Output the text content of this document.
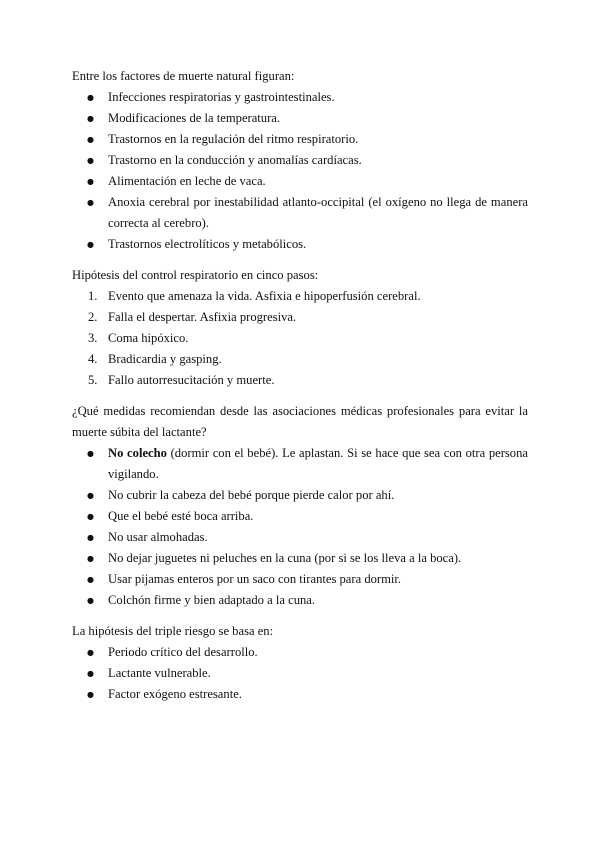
Entre los factores de muerte natural figuran:

● Infecciones respiratorias y gastrointestinales.
● Modificaciones de la temperatura.
● Trastornos en la regulación del ritmo respiratorio.
● Trastorno en la conducción y anomalías cardíacas.
● Alimentación en leche de vaca.
● Anoxia cerebral por inestabilidad atlanto-occipital (el oxígeno no llega de manera correcta al cerebro).
● Trastornos electrolíticos y metabólicos.

Hipótesis del control respiratorio en cinco pasos:

1. Evento que amenaza la vida. Asfixia e hipoperfusión cerebral.
2. Falla el despertar. Asfixia progresiva.
3. Coma hipóxico.
4. Bradicardia y gasping.
5. Fallo autorresucitación y muerte.

¿Qué medidas recomiendan desde las asociaciones médicas profesionales para evitar la muerte súbita del lactante?

● No colecho (dormir con el bebé). Le aplastan. Si se hace que sea con otra persona vigilando.
● No cubrir la cabeza del bebé porque pierde calor por ahí.
● Que el bebé esté boca arriba.
● No usar almohadas.
● No dejar juguetes ni peluches en la cuna (por si se los lleva a la boca).
● Usar pijamas enteros por un saco con tirantes para dormir.
● Colchón firme y bien adaptado a la cuna.

La hipótesis del triple riesgo se basa en:

● Periodo crítico del desarrollo.
● Lactante vulnerable.
● Factor exógeno estresante.
